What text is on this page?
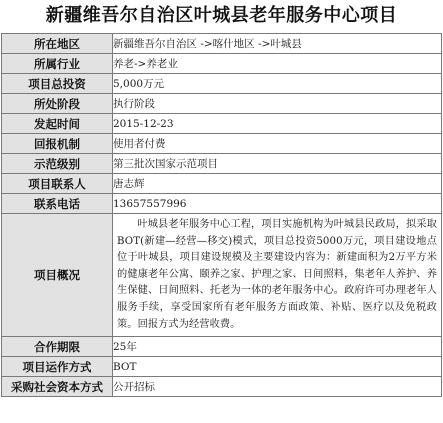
新疆维吾尔自治区叶城县老年服务中心项目
所在地区	新疆维吾尔自治区 ->喀什地区 ->叶城县
所属行业	养老->养老业
项目总投资	5,000万元
所处阶段	执行阶段
发起时间	2015-12-23
回报机制	使用者付费
示范级别	第三批次国家示范项目
项目联系人	唐志辉
联系电话	13657557996
项目概况	叶城县老年服务中心工程，项目实施机构为叶城县民政局，拟采取BOT(新建—经营—移交)模式，项目总投资5000万元，项目建设地点位于叶城县，项目建设规模及主要建设内容为：新建面积为2万平方米的健康老年公寓、颐养之家、护理之家、日间照料，集老年人养护、养生保健、日间照料、托老为一体的老年服务中心。政府许可办理老年人服务手续，享受国家所有老年服务方面政策、补贴、医疗以及免税政策。回报方式为经营收费。
合作期限	25年
项目运作方式	BOT
采购社会资本方式	公开招标
